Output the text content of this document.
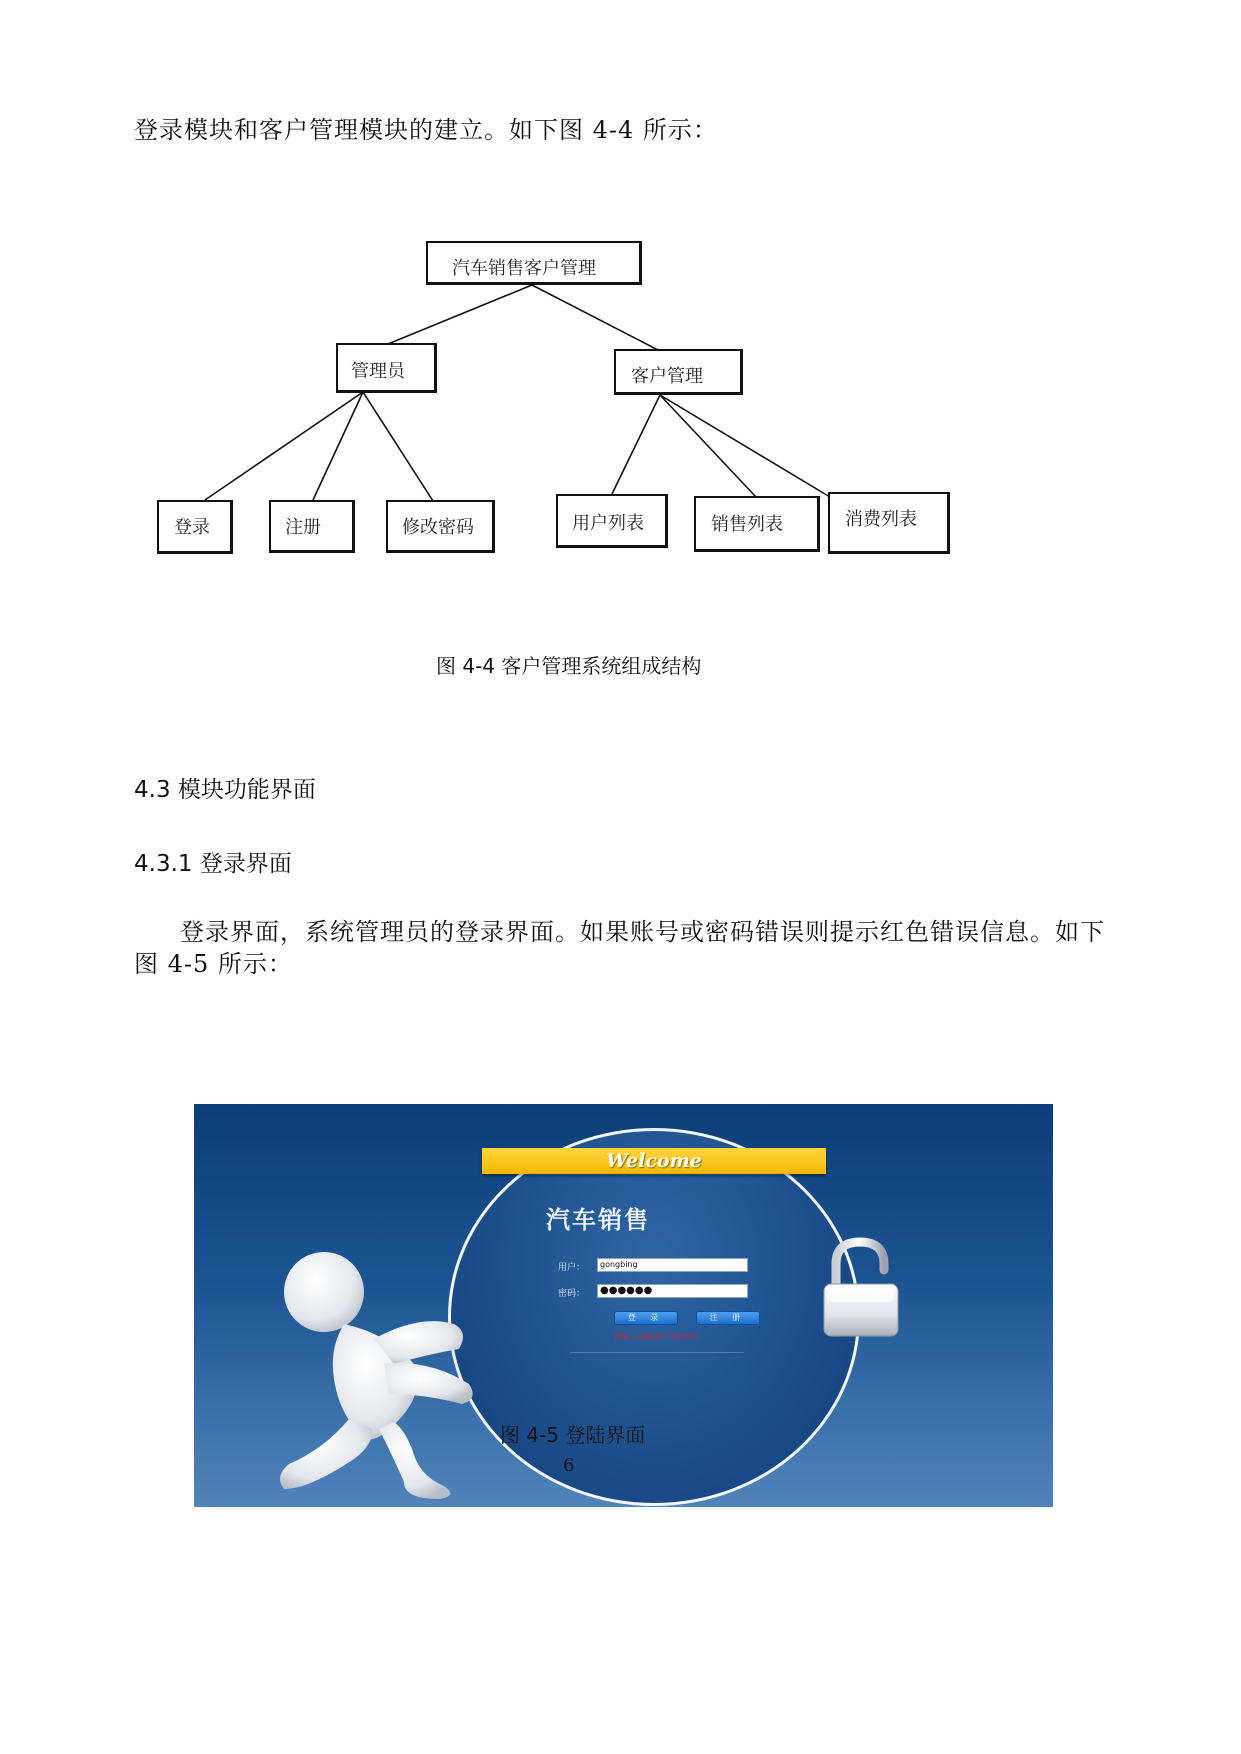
登录模块和客户管理模块的建立。如下图 4-4 所示：
汽车销售客户管理
管理员	客户管理
登录	注册	修改密码	用户列表	销售列表	消费列表
图 4-4 客户管理系统组成结构
4.3 模块功能界面
4.3.1 登录界面
登录界面，系统管理员的登录界面。如果账号或密码错误则提示红色错误信息。如下
图 4-5 所示：
Welcome
汽车销售
用户：	gongbing
密码：	●●●●●●
登 录	注 册
请输入正确的账户名和密码
图 4-5 登陆界面
6
